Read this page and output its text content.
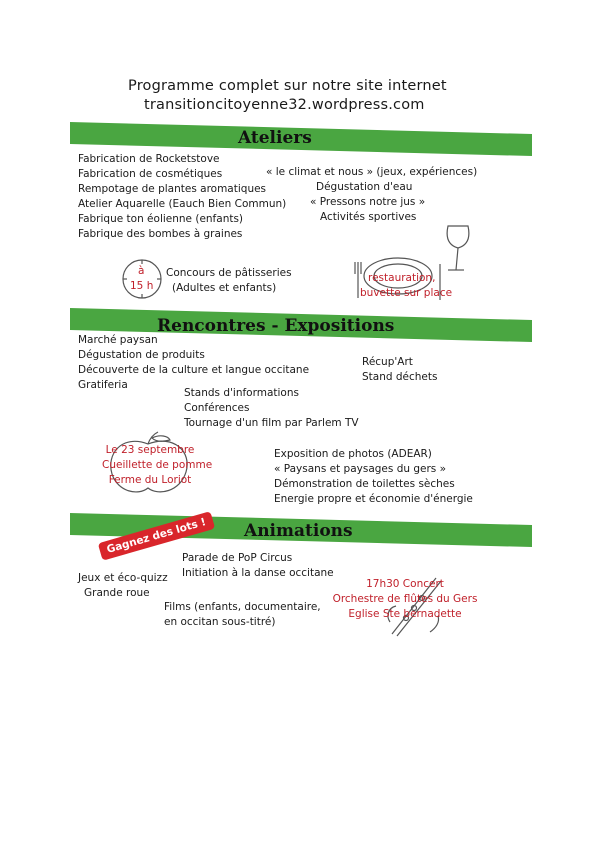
Programme complet sur notre site internet
transitioncitoyenne32.wordpress.com
Ateliers
Fabrication de Rocketstove
Fabrication de cosmétiques
Rempotage de plantes aromatiques
Atelier Aquarelle (Eauch Bien Commun)
Fabrique ton éolienne (enfants)
Fabrique des bombes à graines
« le climat et nous » (jeux, expériences)
Dégustation d'eau
« Pressons notre jus »
Activités sportives
à
15 h
Concours de pâtisseries
(Adultes et enfants)
restauration,
buvette sur place
Rencontres - Expositions
Marché paysan
Dégustation de produits
Découverte de la culture et langue occitane
Gratiferia
Récup'Art
Stand déchets
Stands d'informations
Conférences
Tournage d'un film par Parlem TV
Le 23 septembre
Cueillette de pomme
Ferme du Loriot
Exposition de photos (ADEAR)
« Paysans et paysages du gers »
Démonstration de toilettes sèches
Energie propre et économie d'énergie
Animations
Gagnez des lots !
Parade de PoP Circus
Initiation à la danse occitane
Jeux et éco-quizz
Grande roue
Films (enfants, documentaire,
en occitan sous-titré)
17h30 Concert
Orchestre de flûtes du Gers
Eglise Ste bernadette
